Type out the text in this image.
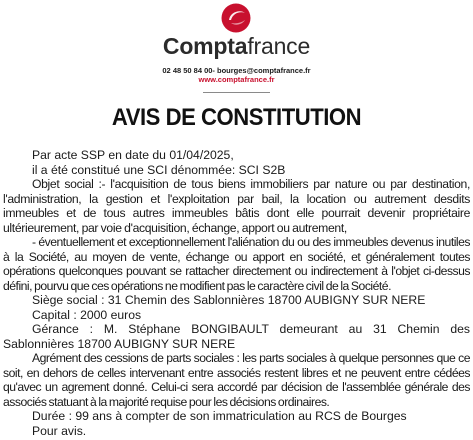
Comptafrance
02 48 50 84 00- bourges@comptafrance.fr
www.comptafrance.fr
AVIS DE CONSTITUTION

Par acte SSP en date du 01/04/2025,

il a été constitué une SCI dénommée: SCI S2B

Objet social :- l'acquisition de tous biens immobiliers par nature ou par destination, l'administration, la gestion et l'exploitation par bail, la location ou autrement desdits immeubles et de tous autres immeubles bâtis dont elle pourrait devenir propriétaire ultérieurement, par voie d'acquisition, échange, apport ou autrement,

- éventuellement et exceptionnellement l'aliénation du ou des immeubles devenus inutiles à la Société, au moyen de vente, échange ou apport en société, et généralement toutes opérations quelconques pouvant se rattacher directement ou indirectement à l'objet ci-dessus défini, pourvu que ces opérations ne modifient pas le caractère civil de la Société.

Siège social : 31 Chemin des Sablonnières 18700 AUBIGNY SUR NERE

Capital : 2000 euros

Gérance : M. Stéphane BONGIBAULT demeurant au 31 Chemin des Sablonnières 18700 AUBIGNY SUR NERE

Agrément des cessions de parts sociales : les parts sociales à quelque personnes que ce soit, en dehors de celles intervenant entre associés restent libres et ne peuvent entre cédées qu'avec un agrement donné. Celui-ci sera accordé par décision de l'assemblée générale des associés statuant à la majorité requise pour les décisions ordinaires.

Durée : 99 ans à compter de son immatriculation au RCS de Bourges

Pour avis.
